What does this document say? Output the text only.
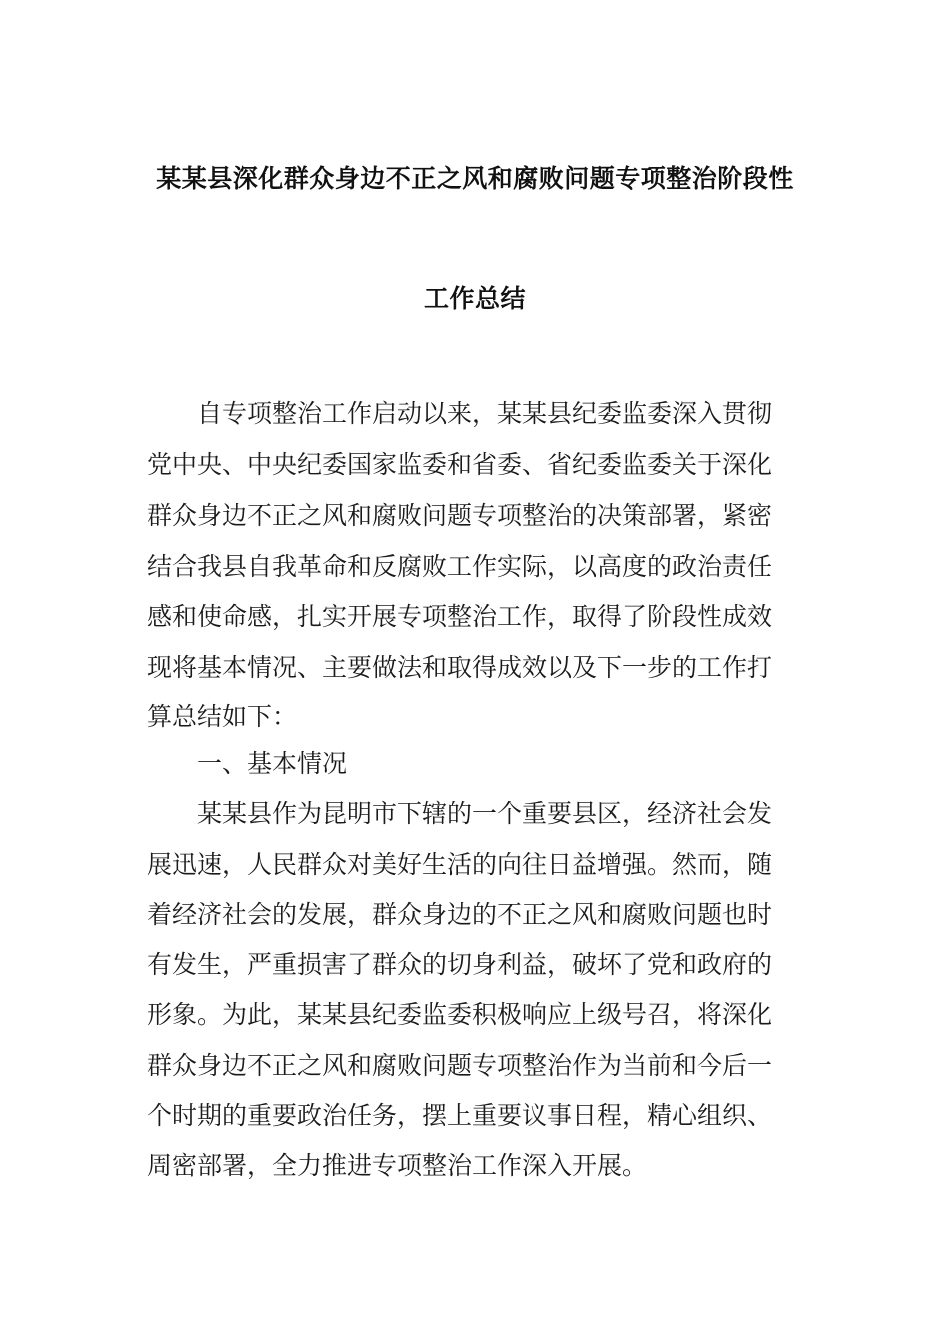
某某县深化群众身边不正之风和腐败问题专项整治阶段性
工作总结
自专项整治工作启动以来，某某县纪委监委深入贯彻
党中央、中央纪委国家监委和省委、省纪委监委关于深化
群众身边不正之风和腐败问题专项整治的决策部署，紧密
结合我县自我革命和反腐败工作实际，以高度的政治责任
感和使命感，扎实开展专项整治工作，取得了阶段性成效
现将基本情况、主要做法和取得成效以及下一步的工作打
算总结如下：
一、基本情况
某某县作为昆明市下辖的一个重要县区，经济社会发
展迅速，人民群众对美好生活的向往日益增强。然而，随
着经济社会的发展，群众身边的不正之风和腐败问题也时
有发生，严重损害了群众的切身利益，破坏了党和政府的
形象。为此，某某县纪委监委积极响应上级号召，将深化
群众身边不正之风和腐败问题专项整治作为当前和今后一
个时期的重要政治任务，摆上重要议事日程，精心组织、
周密部署，全力推进专项整治工作深入开展。
